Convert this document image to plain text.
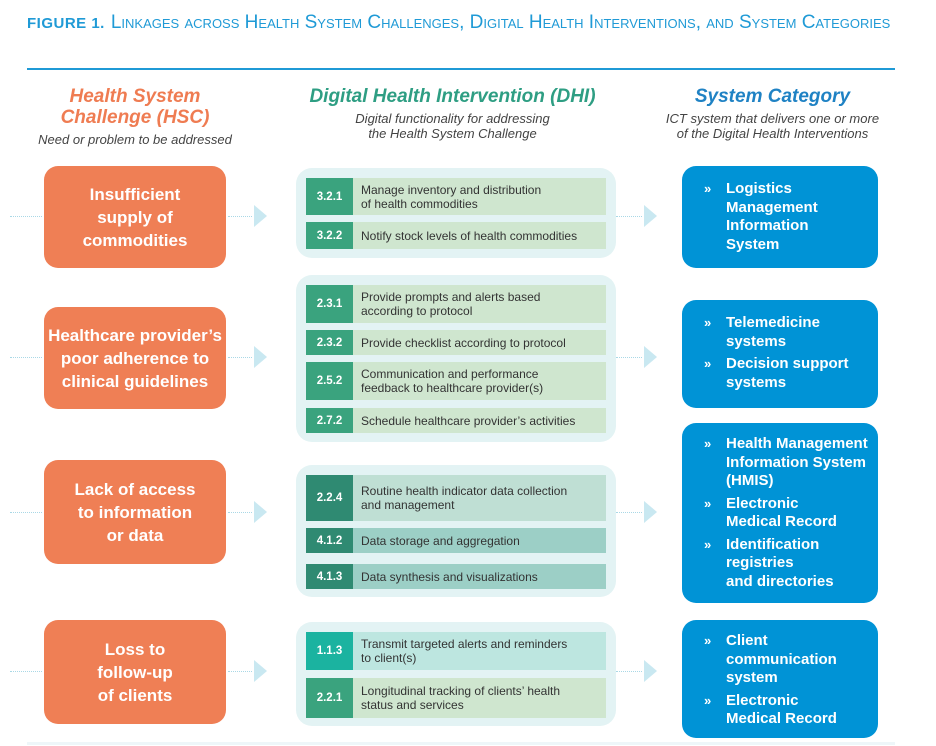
FIGURE 1. Linkages across Health System Challenges, Digital Health Interventions, and System Categories
Health System
Challenge (HSC)
Need or problem to be addressed
Digital Health Intervention (DHI)
Digital functionality for addressing
the Health System Challenge
System Category
ICT system that delivers one or more
of the Digital Health Interventions
Insufficient
supply of
commodities
3.2.1	Manage inventory and distribution
of health commodities
3.2.2	Notify stock levels of health commodities
» Logistics
Management
Information
System
Healthcare provider’s
poor adherence to
clinical guidelines
2.3.1	Provide prompts and alerts based
according to protocol
2.3.2	Provide checklist according to protocol
2.5.2	Communication and performance
feedback to healthcare provider(s)
2.7.2	Schedule healthcare provider’s activities
» Telemedicine
systems
» Decision support
systems
Lack of access
to information
or data
2.2.4	Routine health indicator data collection
and management
4.1.2	Data storage and aggregation
4.1.3	Data synthesis and visualizations
» Health Management
Information System
(HMIS)
» Electronic
Medical Record
» Identification
registries
and directories
Loss to
follow-up
of clients
1.1.3	Transmit targeted alerts and reminders
to client(s)
2.2.1	Longitudinal tracking of clients’ health
status and services
» Client
communication
system
» Electronic
Medical Record
